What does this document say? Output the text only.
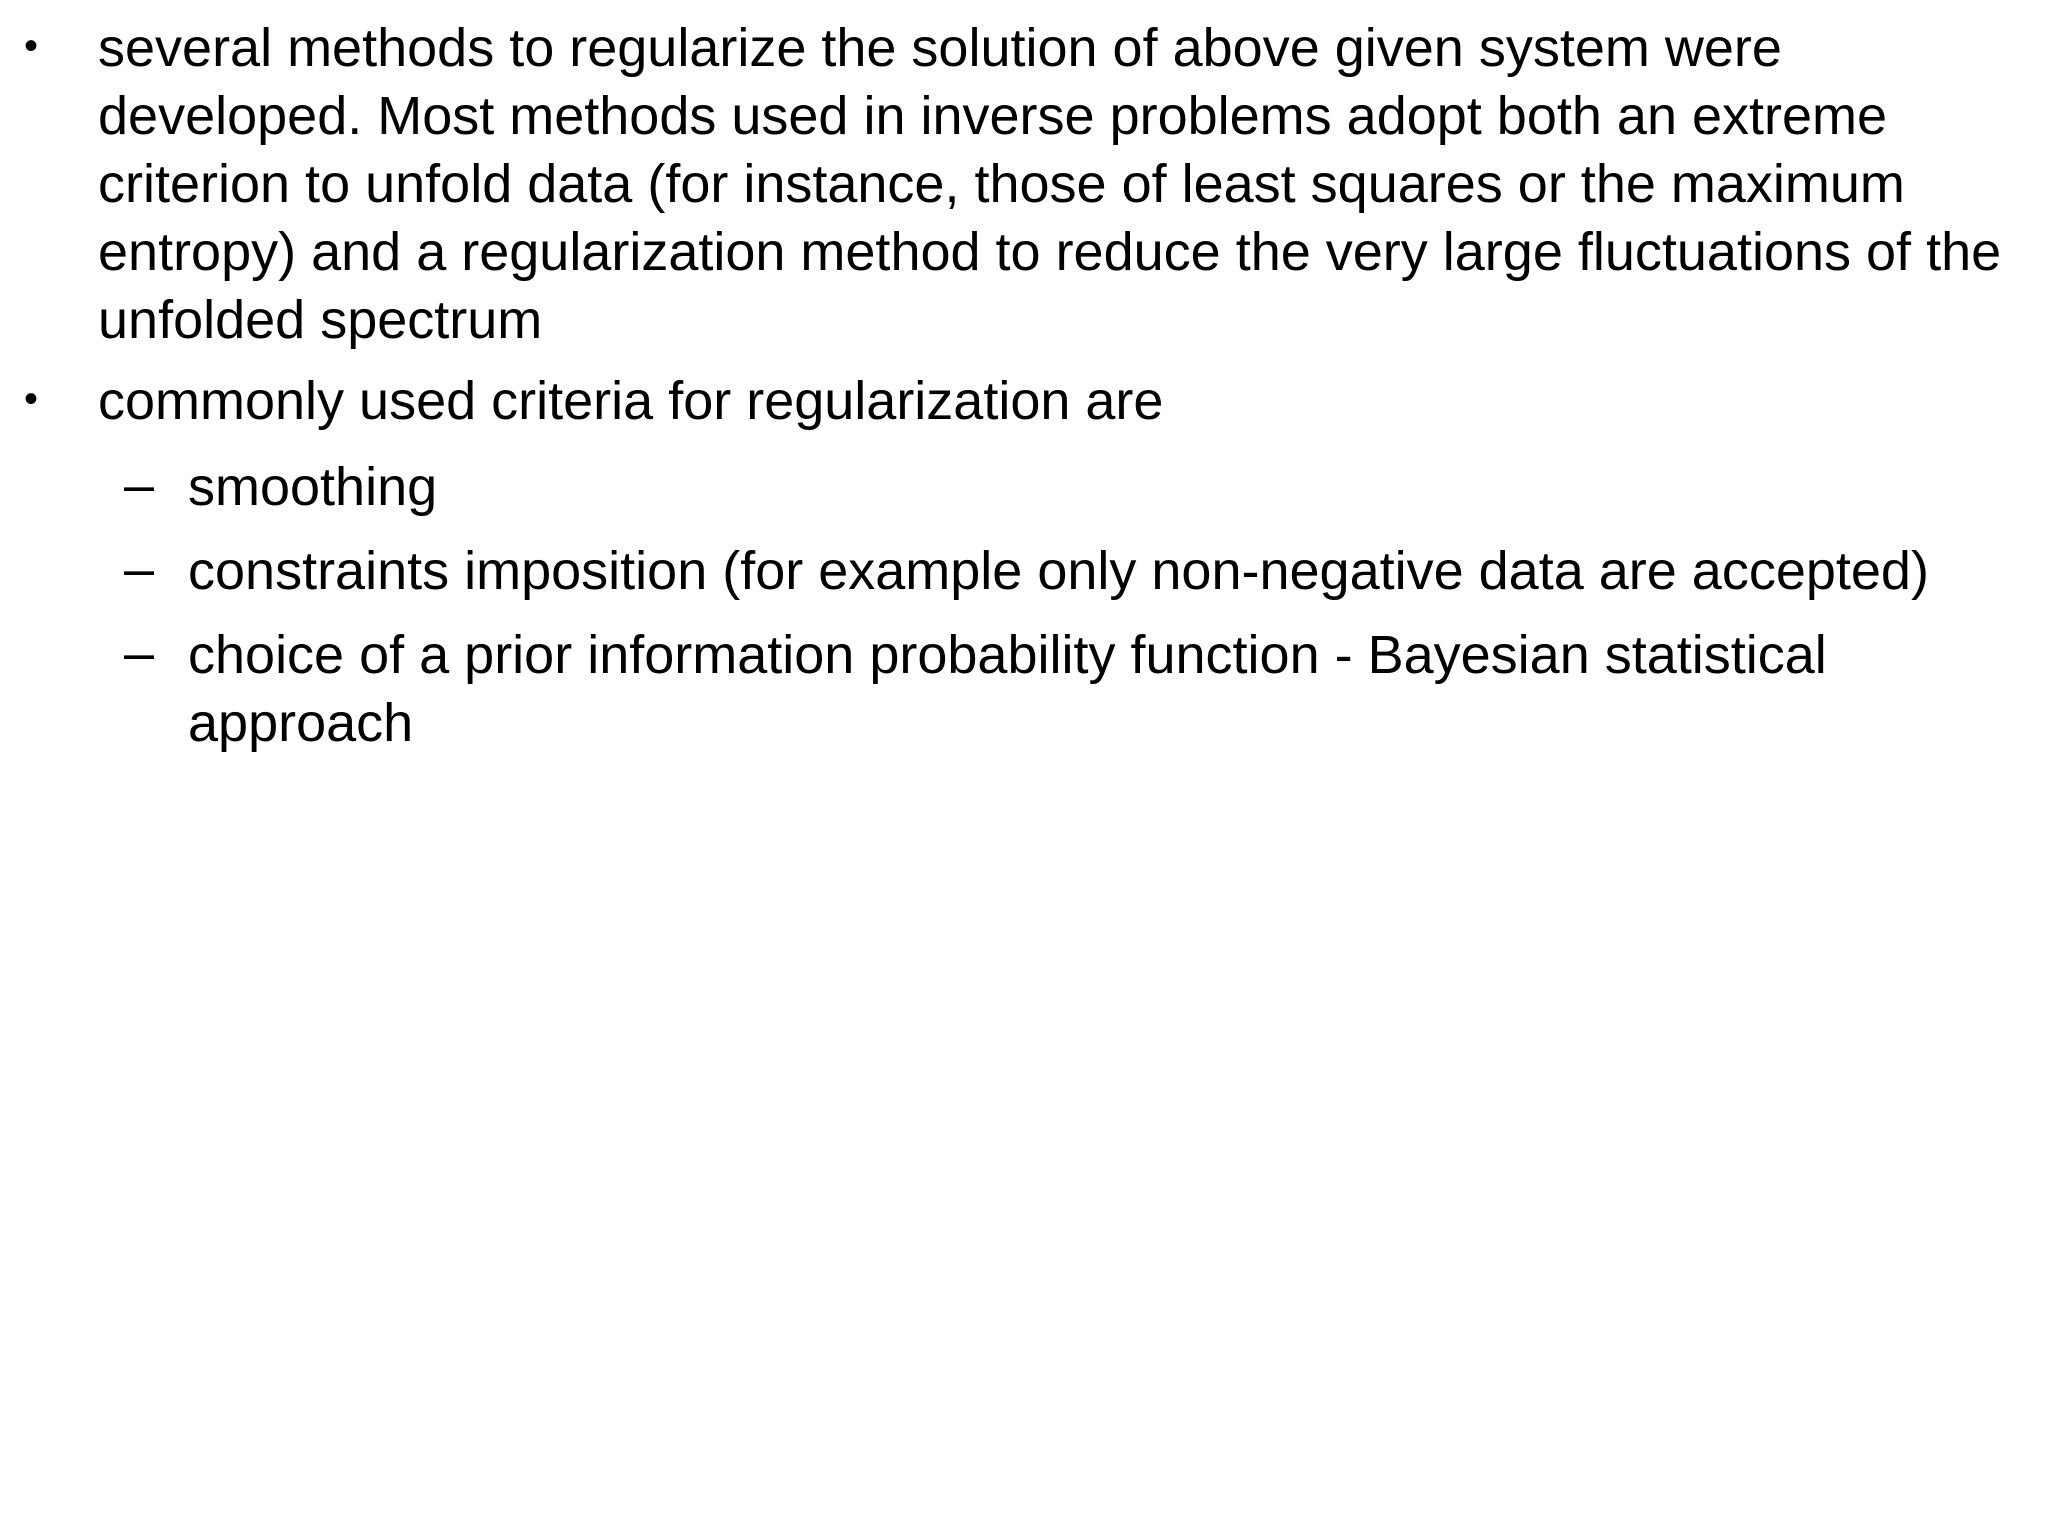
• several methods to regularize the solution of above given system were developed. Most methods used in inverse problems adopt both an extreme criterion to unfold data (for instance, those of least squares or the maximum entropy) and a regularization method to reduce the very large fluctuations of the unfolded spectrum
• commonly used criteria for regularization are
– smoothing
– constraints imposition (for example only non-negative data are accepted)
– choice of a prior information probability function - Bayesian statistical approach
